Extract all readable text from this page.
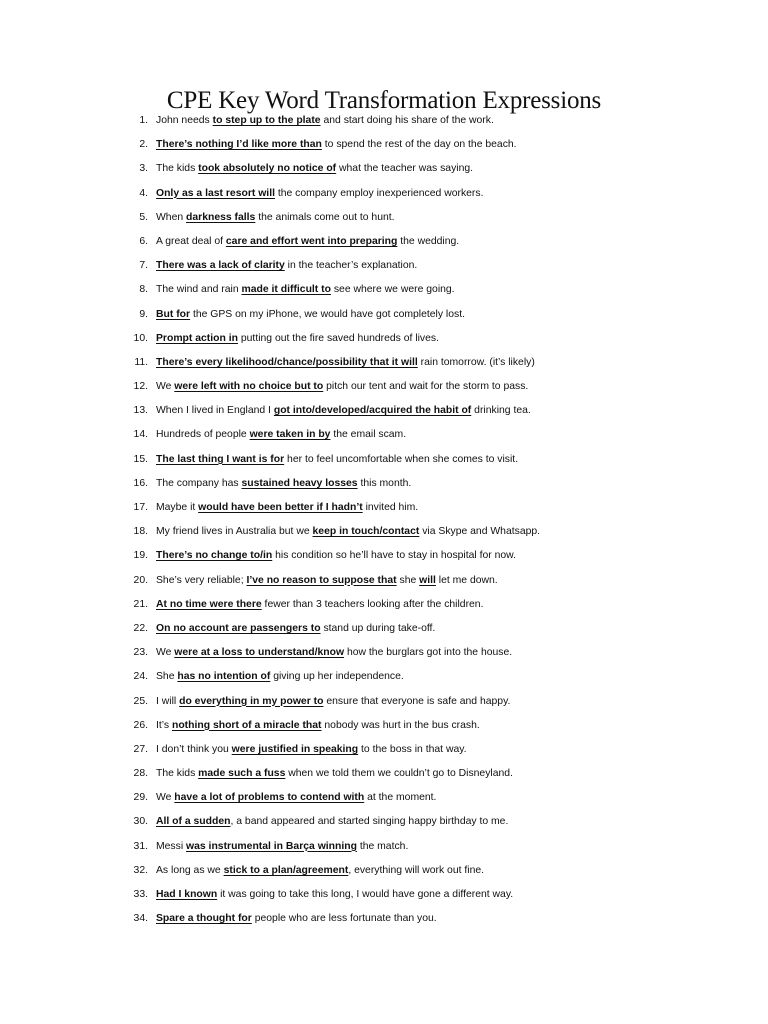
CPE Key Word Transformation Expressions
1. John needs to step up to the plate and start doing his share of the work.
2. There’s nothing I’d like more than to spend the rest of the day on the beach.
3. The kids took absolutely no notice of what the teacher was saying.
4. Only as a last resort will the company employ inexperienced workers.
5. When darkness falls the animals come out to hunt.
6. A great deal of care and effort went into preparing the wedding.
7. There was a lack of clarity in the teacher’s explanation.
8. The wind and rain made it difficult to see where we were going.
9. But for the GPS on my iPhone, we would have got completely lost.
10. Prompt action in putting out the fire saved hundreds of lives.
11. There’s every likelihood/chance/possibility that it will rain tomorrow. (it’s likely)
12. We were left with no choice but to pitch our tent and wait for the storm to pass.
13. When I lived in England I got into/developed/acquired the habit of drinking tea.
14. Hundreds of people were taken in by the email scam.
15. The last thing I want is for her to feel uncomfortable when she comes to visit.
16. The company has sustained heavy losses this month.
17. Maybe it would have been better if I hadn’t invited him.
18. My friend lives in Australia but we keep in touch/contact via Skype and Whatsapp.
19. There’s no change to/in his condition so he’ll have to stay in hospital for now.
20. She’s very reliable; I’ve no reason to suppose that she will let me down.
21. At no time were there fewer than 3 teachers looking after the children.
22. On no account are passengers to stand up during take-off.
23. We were at a loss to understand/know how the burglars got into the house.
24. She has no intention of giving up her independence.
25. I will do everything in my power to ensure that everyone is safe and happy.
26. It’s nothing short of a miracle that nobody was hurt in the bus crash.
27. I don’t think you were justified in speaking to the boss in that way.
28. The kids made such a fuss when we told them we couldn’t go to Disneyland.
29. We have a lot of problems to contend with at the moment.
30. All of a sudden, a band appeared and started singing happy birthday to me.
31. Messi was instrumental in Barça winning the match.
32. As long as we stick to a plan/agreement, everything will work out fine.
33. Had I known it was going to take this long, I would have gone a different way.
34. Spare a thought for people who are less fortunate than you.
